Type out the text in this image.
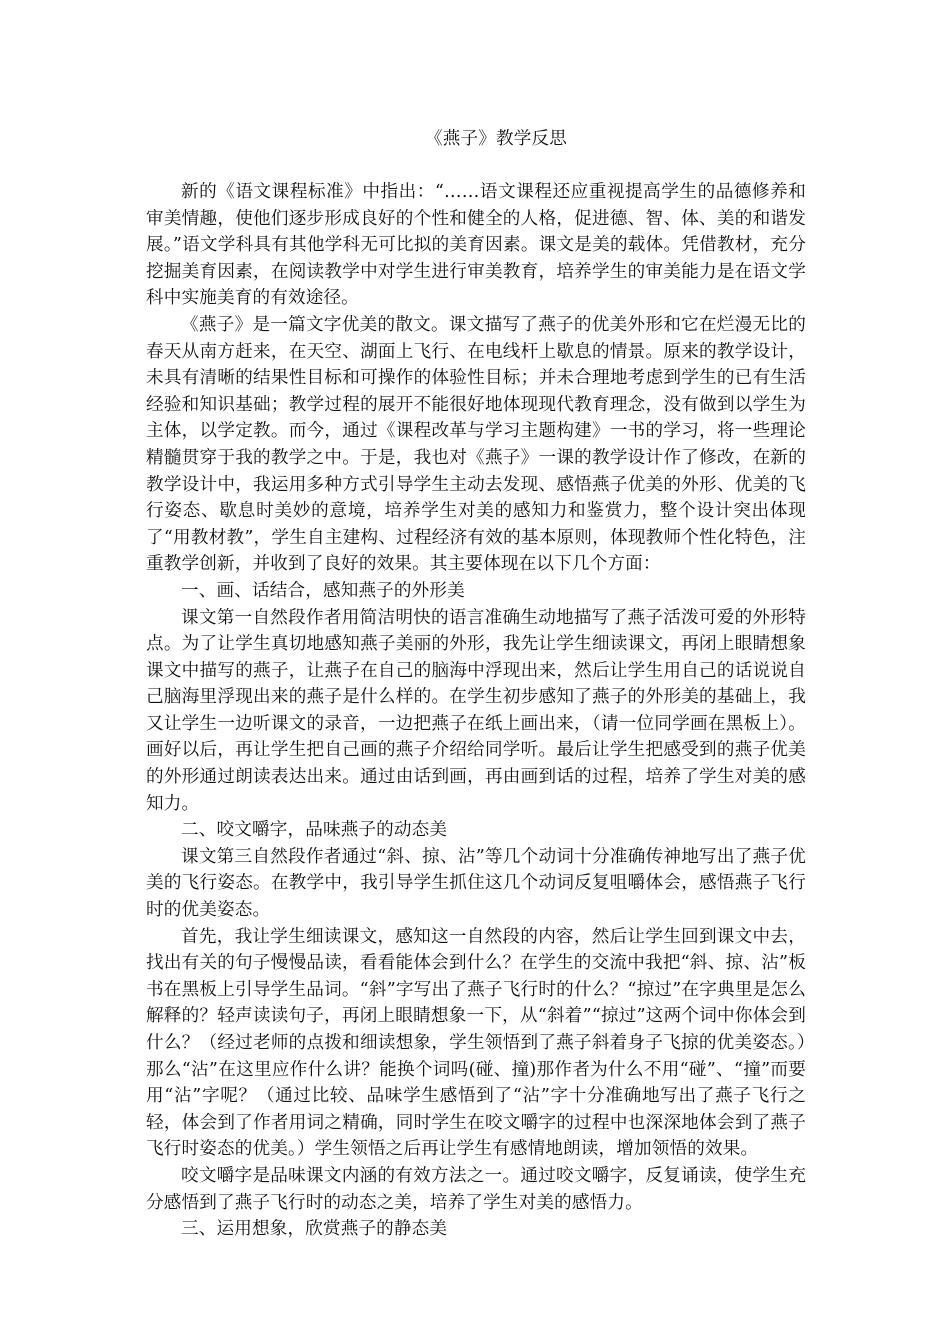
《燕子》教学反思

新的《语文课程标准》中指出：“……语文课程还应重视提高学生的品德修养和审美情趣，使他们逐步形成良好的个性和健全的人格，促进德、智、体、美的和谐发展。”语文学科具有其他学科无可比拟的美育因素。课文是美的载体。凭借教材，充分挖掘美育因素，在阅读教学中对学生进行审美教育，培养学生的审美能力是在语文学科中实施美育的有效途径。

《燕子》是一篇文字优美的散文。课文描写了燕子的优美外形和它在烂漫无比的春天从南方赶来，在天空、湖面上飞行、在电线杆上歇息的情景。原来的教学设计，未具有清晰的结果性目标和可操作的体验性目标；并未合理地考虑到学生的已有生活经验和知识基础；教学过程的展开不能很好地体现现代教育理念，没有做到以学生为主体，以学定教。而今，通过《课程改革与学习主题构建》一书的学习，将一些理论精髓贯穿于我的教学之中。于是，我也对《燕子》一课的教学设计作了修改，在新的教学设计中，我运用多种方式引导学生主动去发现、感悟燕子优美的外形、优美的飞行姿态、歇息时美妙的意境，培养学生对美的感知力和鉴赏力，整个设计突出体现了“用教材教”，学生自主建构、过程经济有效的基本原则，体现教师个性化特色，注重教学创新，并收到了良好的效果。其主要体现在以下几个方面：

一、画、话结合，感知燕子的外形美

课文第一自然段作者用简洁明快的语言准确生动地描写了燕子活泼可爱的外形特点。为了让学生真切地感知燕子美丽的外形，我先让学生细读课文，再闭上眼睛想象课文中描写的燕子，让燕子在自己的脑海中浮现出来，然后让学生用自己的话说说自己脑海里浮现出来的燕子是什么样的。在学生初步感知了燕子的外形美的基础上，我又让学生一边听课文的录音，一边把燕子在纸上画出来，（请一位同学画在黑板上）。画好以后，再让学生把自己画的燕子介绍给同学听。最后让学生把感受到的燕子优美的外形通过朗读表达出来。通过由话到画，再由画到话的过程，培养了学生对美的感知力。

二、咬文嚼字，品味燕子的动态美

课文第三自然段作者通过“斜、掠、沾”等几个动词十分准确传神地写出了燕子优美的飞行姿态。在教学中，我引导学生抓住这几个动词反复咀嚼体会，感悟燕子飞行时的优美姿态。

首先，我让学生细读课文，感知这一自然段的内容，然后让学生回到课文中去，找出有关的句子慢慢品读，看看能体会到什么？在学生的交流中我把“斜、掠、沾”板书在黑板上引导学生品词。“斜”字写出了燕子飞行时的什么？“掠过”在字典里是怎么解释的？轻声读读句子，再闭上眼睛想象一下，从“斜着”“掠过”这两个词中你体会到什么？（经过老师的点拨和细读想象，学生领悟到了燕子斜着身子飞掠的优美姿态。）那么“沾”在这里应作什么讲？能换个词吗(碰、撞)那作者为什么不用“碰”、“撞”而要用“沾”字呢？（通过比较、品味学生感悟到了“沾”字十分准确地写出了燕子飞行之轻，体会到了作者用词之精确，同时学生在咬文嚼字的过程中也深深地体会到了燕子飞行时姿态的优美。）学生领悟之后再让学生有感情地朗读，增加领悟的效果。

咬文嚼字是品味课文内涵的有效方法之一。通过咬文嚼字，反复诵读，使学生充分感悟到了燕子飞行时的动态之美，培养了学生对美的感悟力。

三、运用想象，欣赏燕子的静态美
